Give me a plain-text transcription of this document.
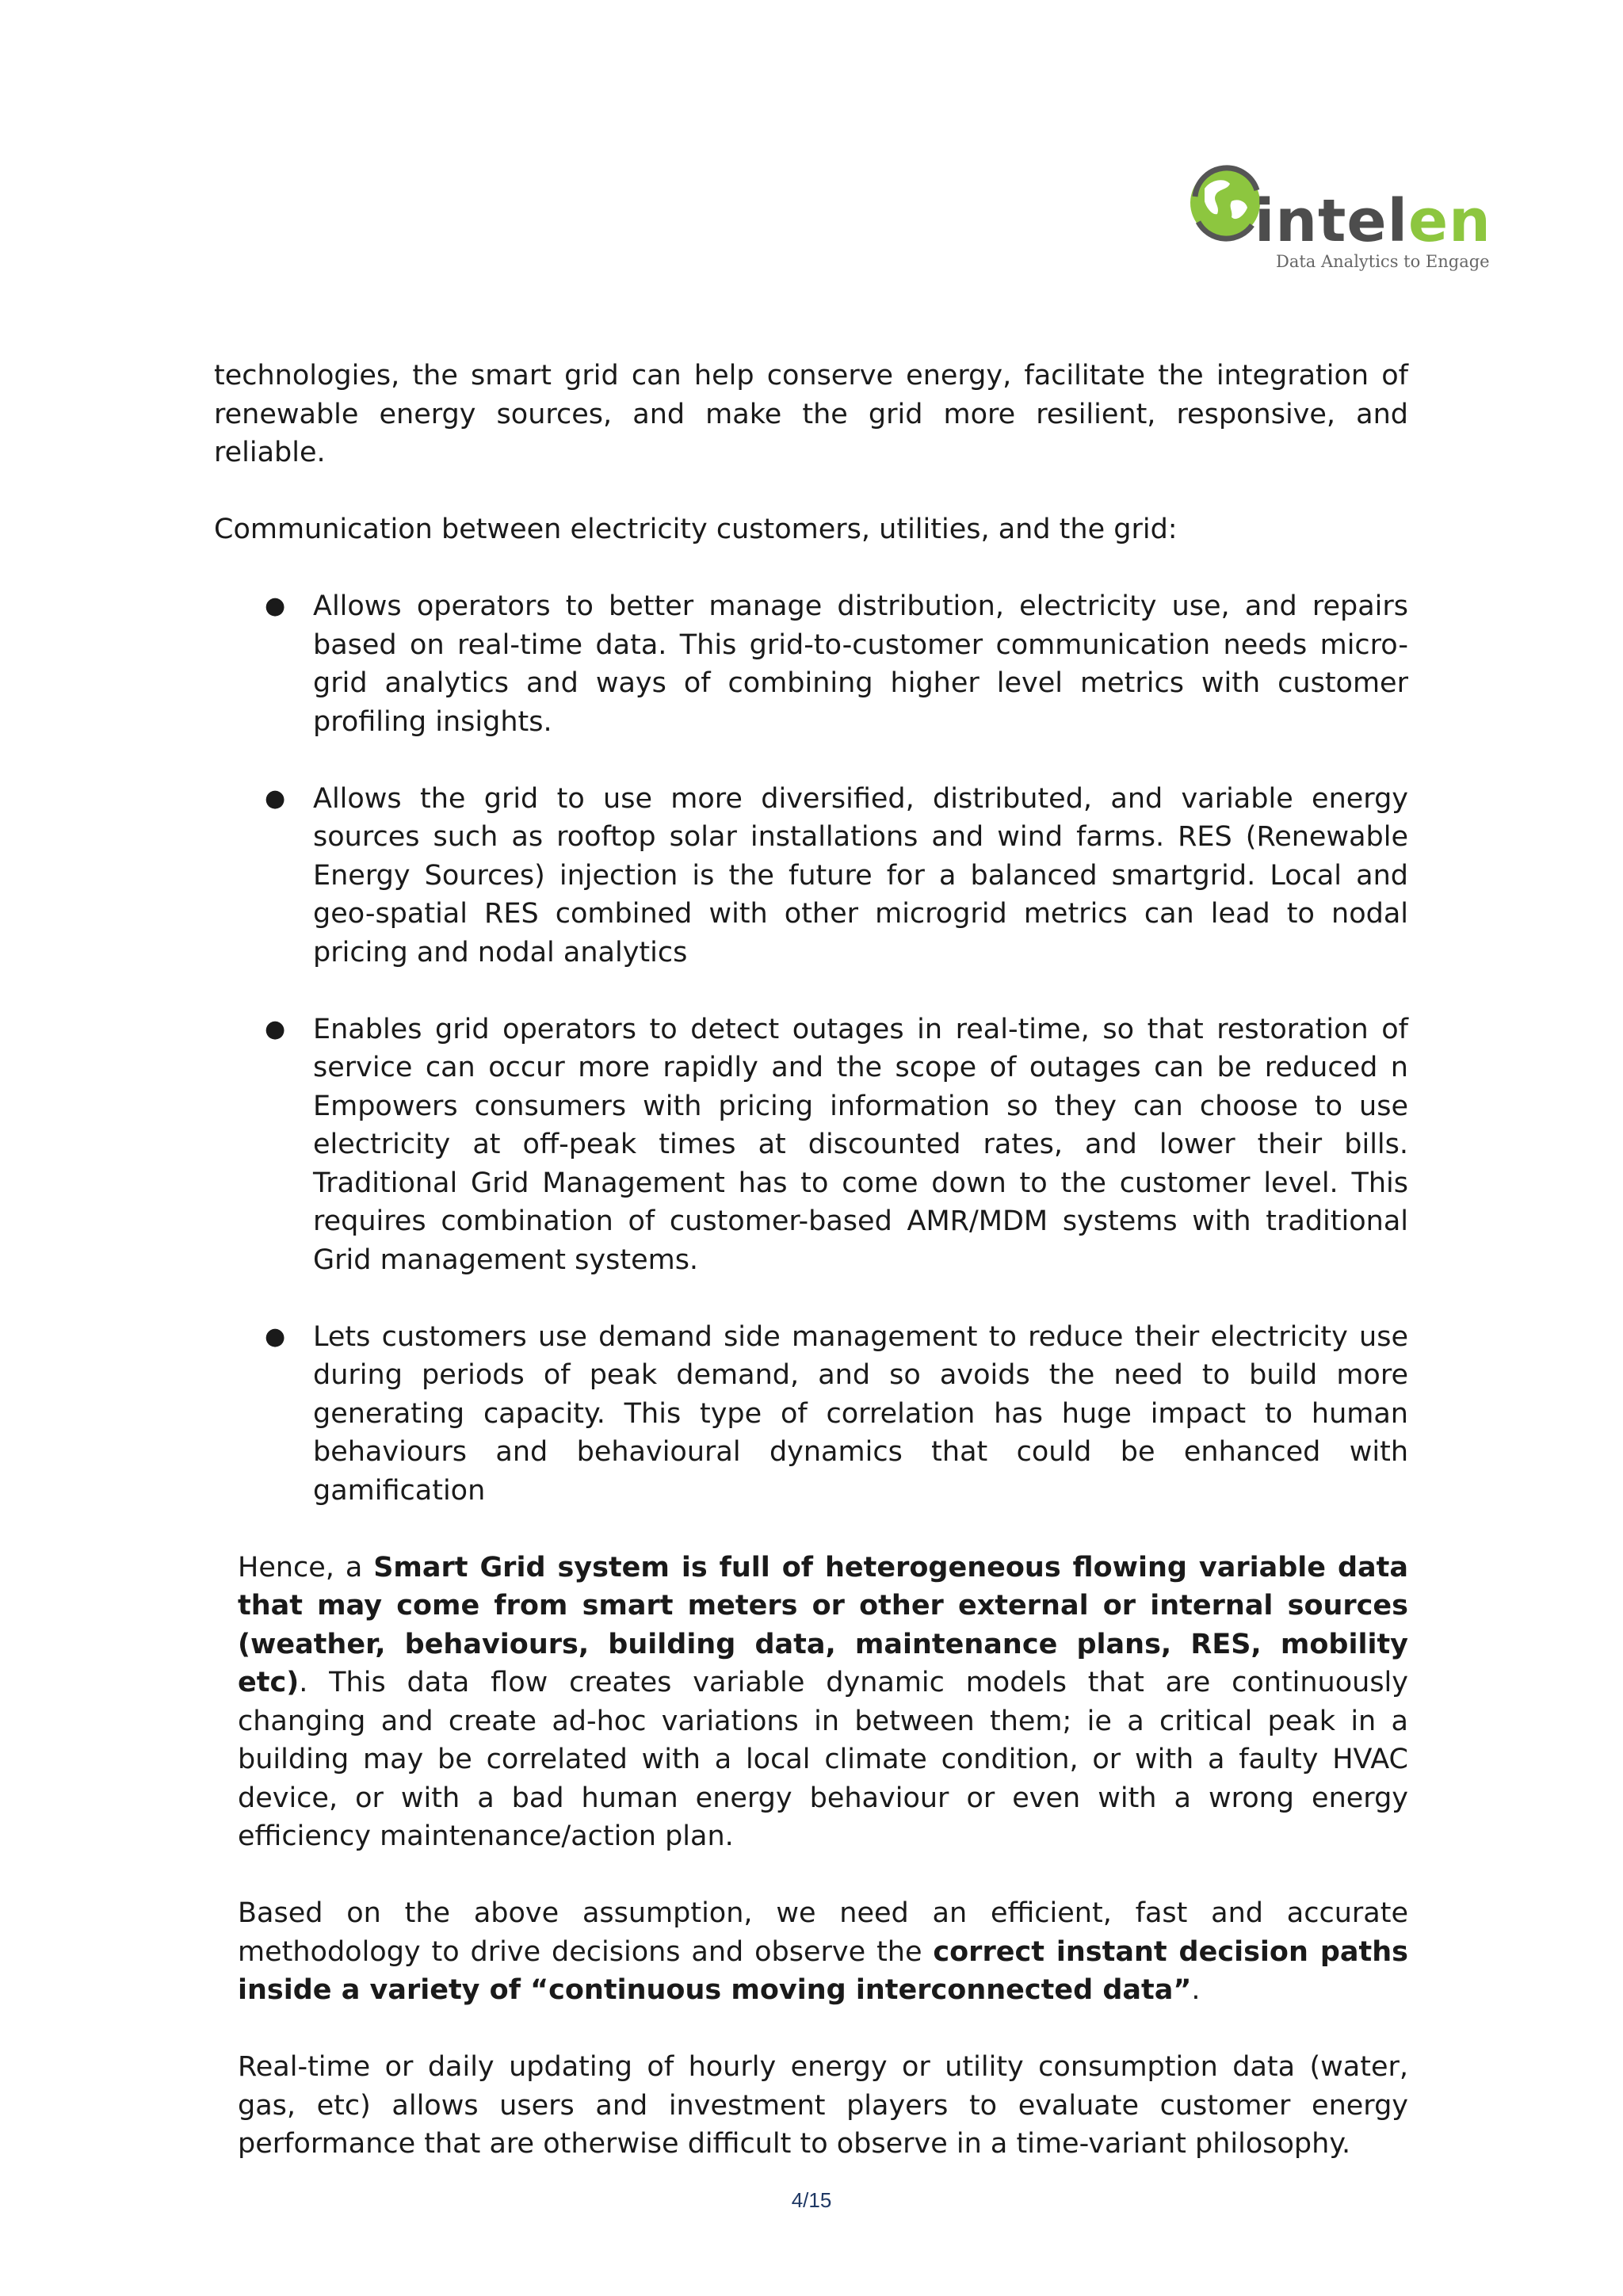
intelen
Data Analytics to Engage

technologies, the smart grid can help conserve energy, facilitate the integration of renewable energy sources, and make the grid more resilient, responsive, and reliable.

Communication between electricity customers, utilities, and the grid:

● Allows operators to better manage distribution, electricity use, and repairs based on real-time data. This grid-to-customer communication needs micro-grid analytics and ways of combining higher level metrics with customer profiling insights.

● Allows the grid to use more diversified, distributed, and variable energy sources such as rooftop solar installations and wind farms. RES (Renewable Energy Sources) injection is the future for a balanced smartgrid. Local and geo-spatial RES combined with other microgrid metrics can lead to nodal pricing and nodal analytics

● Enables grid operators to detect outages in real-time, so that restoration of service can occur more rapidly and the scope of outages can be reduced n Empowers consumers with pricing information so they can choose to use electricity at off-peak times at discounted rates, and lower their bills. Traditional Grid Management has to come down to the customer level. This requires combination of customer-based AMR/MDM systems with traditional Grid management systems.

● Lets customers use demand side management to reduce their electricity use during periods of peak demand, and so avoids the need to build more generating capacity. This type of correlation has huge impact to human behaviours and behavioural dynamics that could be enhanced with gamification

Hence, a Smart Grid system is full of heterogeneous flowing variable data that may come from smart meters or other external or internal sources (weather, behaviours, building data, maintenance plans, RES, mobility etc). This data flow creates variable dynamic models that are continuously changing and create ad-hoc variations in between them; ie a critical peak in a building may be correlated with a local climate condition, or with a faulty HVAC device, or with a bad human energy behaviour or even with a wrong energy efficiency maintenance/action plan.

Based on the above assumption, we need an efficient, fast and accurate methodology to drive decisions and observe the correct instant decision paths inside a variety of “continuous moving interconnected data”.

Real-time or daily updating of hourly energy or utility consumption data (water, gas, etc) allows users and investment players to evaluate customer energy performance that are otherwise difficult to observe in a time-variant philosophy.

4/15
